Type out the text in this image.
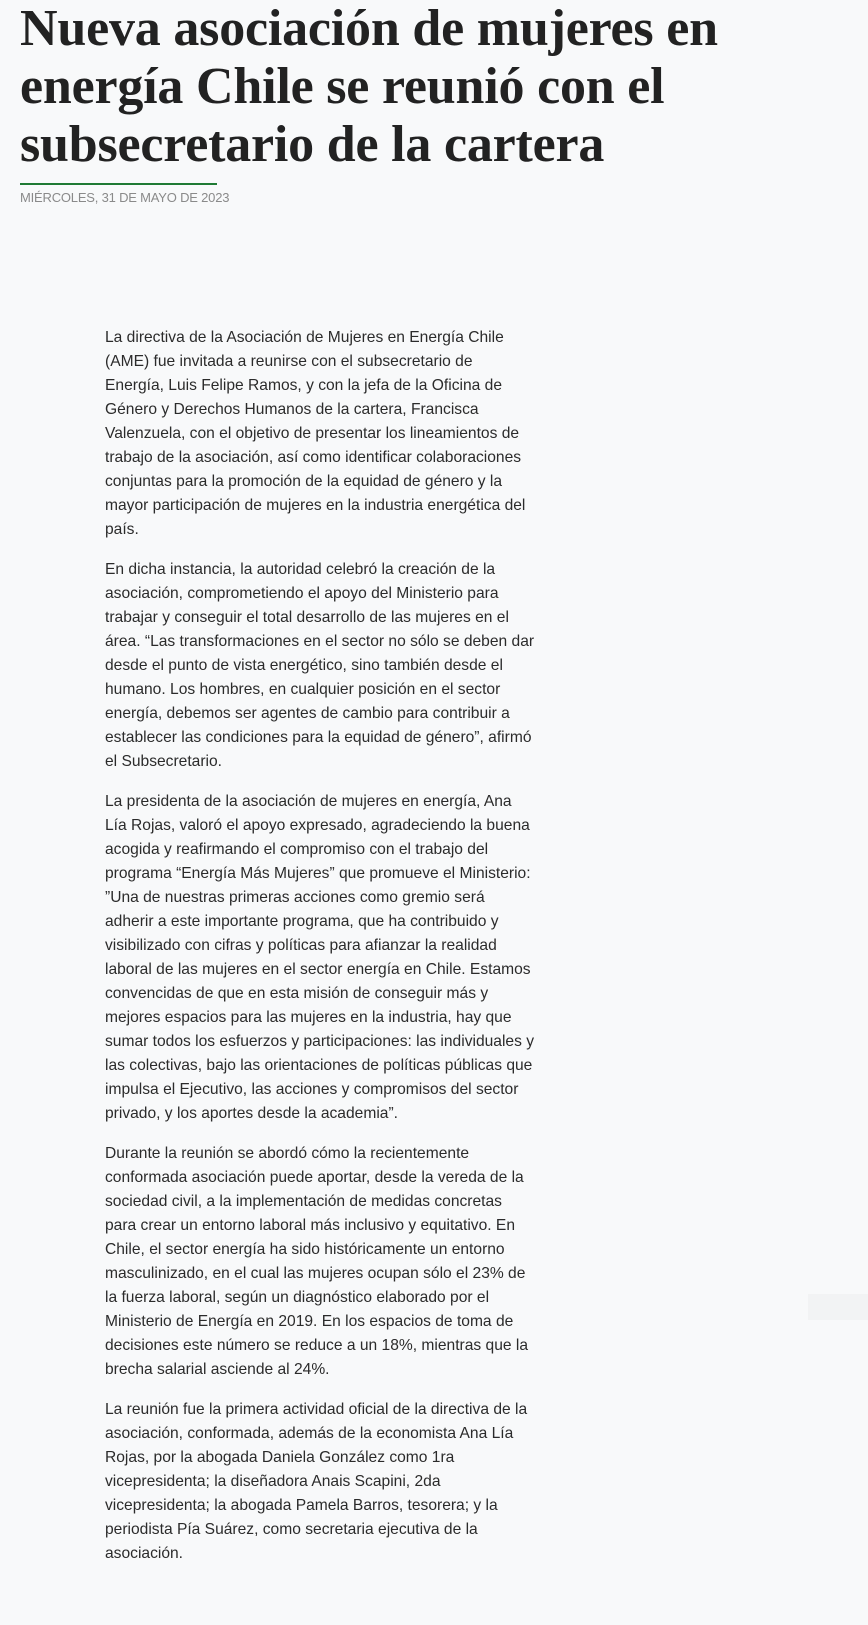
Nueva asociación de mujeres en energía Chile se reunió con el subsecretario de la cartera
MIÉRCOLES, 31 DE MAYO DE 2023

La directiva de la Asociación de Mujeres en Energía Chile (AME) fue invitada a reunirse con el subsecretario de Energía, Luis Felipe Ramos, y con la jefa de la Oficina de Género y Derechos Humanos de la cartera, Francisca Valenzuela, con el objetivo de presentar los lineamientos de trabajo de la asociación, así como identificar colaboraciones conjuntas para la promoción de la equidad de género y la mayor participación de mujeres en la industria energética del país.

En dicha instancia, la autoridad celebró la creación de la asociación, comprometiendo el apoyo del Ministerio para trabajar y conseguir el total desarrollo de las mujeres en el área. “Las transformaciones en el sector no sólo se deben dar desde el punto de vista energético, sino también desde el humano. Los hombres, en cualquier posición en el sector energía, debemos ser agentes de cambio para contribuir a establecer las condiciones para la equidad de género”, afirmó el Subsecretario.

La presidenta de la asociación de mujeres en energía, Ana Lía Rojas, valoró el apoyo expresado, agradeciendo la buena acogida y reafirmando el compromiso con el trabajo del programa “Energía Más Mujeres” que promueve el Ministerio: ”Una de nuestras primeras acciones como gremio será adherir a este importante programa, que ha contribuido y visibilizado con cifras y políticas para afianzar la realidad laboral de las mujeres en el sector energía en Chile. Estamos convencidas de que en esta misión de conseguir más y mejores espacios para las mujeres en la industria, hay que sumar todos los esfuerzos y participaciones: las individuales y las colectivas, bajo las orientaciones de políticas públicas que impulsa el Ejecutivo, las acciones y compromisos del sector privado, y los aportes desde la academia”.

Durante la reunión se abordó cómo la recientemente conformada asociación puede aportar, desde la vereda de la sociedad civil, a la implementación de medidas concretas para crear un entorno laboral más inclusivo y equitativo. En Chile, el sector energía ha sido históricamente un entorno masculinizado, en el cual las mujeres ocupan sólo el 23% de la fuerza laboral, según un diagnóstico elaborado por el Ministerio de Energía en 2019. En los espacios de toma de decisiones este número se reduce a un 18%, mientras que la brecha salarial asciende al 24%.

La reunión fue la primera actividad oficial de la directiva de la asociación, conformada, además de la economista Ana Lía Rojas, por la abogada Daniela González como 1ra vicepresidenta; la diseñadora Anais Scapini, 2da vicepresidenta; la abogada Pamela Barros, tesorera; y la periodista Pía Suárez, como secretaria ejecutiva de la asociación.
